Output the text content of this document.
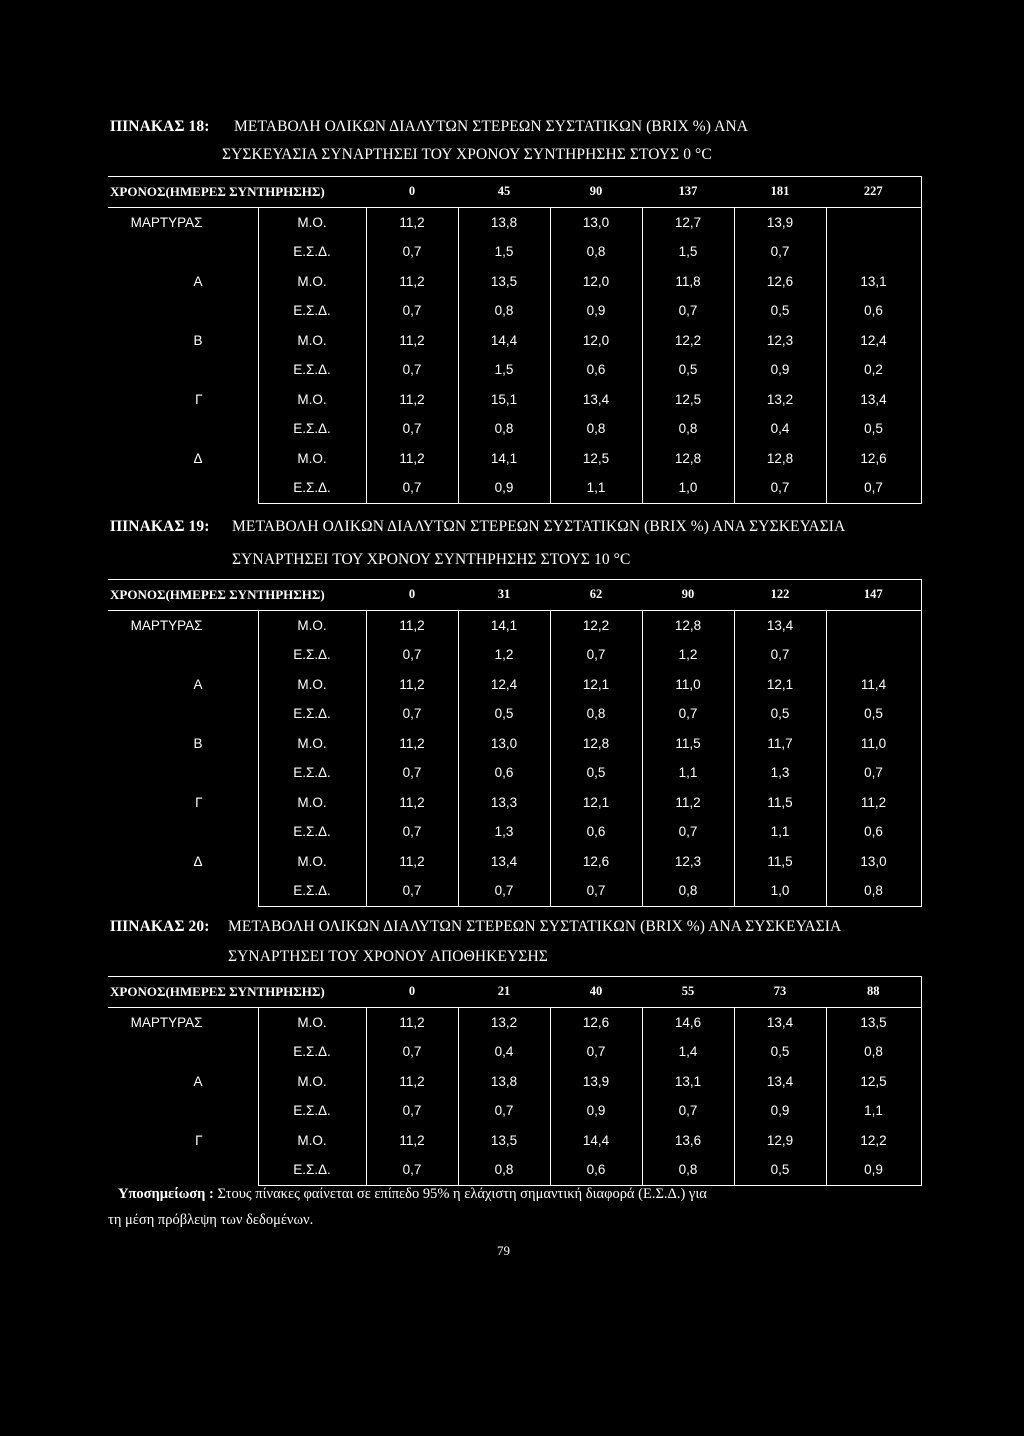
ΠΙΝΑΚΑΣ 18: ΜΕΤΑΒΟΛΗ ΟΛΙΚΩΝ ΔΙΑΛΥΤΩΝ ΣΤΕΡΕΩΝ ΣΥΣΤΑΤΙΚΩΝ (BRIX %) ΑΝΑ
ΣΥΣΚΕΥΑΣΙΑ ΣΥΝΑΡΤΗΣΕΙ ΤΟΥ ΧΡΟΝΟΥ ΣΥΝΤΗΡΗΣΗΣ ΣΤΟΥΣ 0 °C
ΧΡΟΝΟΣ(ΗΜΕΡΕΣ ΣΥΝΤΗΡΗΣΗΣ)		0	45	90	137	181	227
ΜΑΡΤΥΡΑΣ	Μ.Ο.	11,2	13,8	13,0	12,7	13,9	
	Ε.Σ.Δ.	0,7	1,5	0,8	1,5	0,7	
Α	Μ.Ο.	11,2	13,5	12,0	11,8	12,6	13,1
	Ε.Σ.Δ.	0,7	0,8	0,9	0,7	0,5	0,6
Β	Μ.Ο.	11,2	14,4	12,0	12,2	12,3	12,4
	Ε.Σ.Δ.	0,7	1,5	0,6	0,5	0,9	0,2
Γ	Μ.Ο.	11,2	15,1	13,4	12,5	13,2	13,4
	Ε.Σ.Δ.	0,7	0,8	0,8	0,8	0,4	0,5
Δ	Μ.Ο.	11,2	14,1	12,5	12,8	12,8	12,6
	Ε.Σ.Δ.	0,7	0,9	1,1	1,0	0,7	0,7
ΠΙΝΑΚΑΣ 19: ΜΕΤΑΒΟΛΗ ΟΛΙΚΩΝ ΔΙΑΛΥΤΩΝ ΣΤΕΡΕΩΝ ΣΥΣΤΑΤΙΚΩΝ (BRIX %) ΑΝΑ ΣΥΣΚΕΥΑΣΙΑ
ΣΥΝΑΡΤΗΣΕΙ ΤΟΥ ΧΡΟΝΟΥ ΣΥΝΤΗΡΗΣΗΣ ΣΤΟΥΣ 10 °C
ΧΡΟΝΟΣ(ΗΜΕΡΕΣ ΣΥΝΤΗΡΗΣΗΣ)		0	31	62	90	122	147
ΜΑΡΤΥΡΑΣ	Μ.Ο.	11,2	14,1	12,2	12,8	13,4	
	Ε.Σ.Δ.	0,7	1,2	0,7	1,2	0,7	
Α	Μ.Ο.	11,2	12,4	12,1	11,0	12,1	11,4
	Ε.Σ.Δ.	0,7	0,5	0,8	0,7	0,5	0,5
Β	Μ.Ο.	11,2	13,0	12,8	11,5	11,7	11,0
	Ε.Σ.Δ.	0,7	0,6	0,5	1,1	1,3	0,7
Γ	Μ.Ο.	11,2	13,3	12,1	11,2	11,5	11,2
	Ε.Σ.Δ.	0,7	1,3	0,6	0,7	1,1	0,6
Δ	Μ.Ο.	11,2	13,4	12,6	12,3	11,5	13,0
	Ε.Σ.Δ.	0,7	0,7	0,7	0,8	1,0	0,8
ΠΙΝΑΚΑΣ 20: ΜΕΤΑΒΟΛΗ ΟΛΙΚΩΝ ΔΙΑΛΥΤΩΝ ΣΤΕΡΕΩΝ ΣΥΣΤΑΤΙΚΩΝ (BRIX %) ΑΝΑ ΣΥΣΚΕΥΑΣΙΑ
ΣΥΝΑΡΤΗΣΕΙ ΤΟΥ ΧΡΟΝΟΥ ΑΠΟΘΗΚΕΥΣΗΣ
ΧΡΟΝΟΣ(ΗΜΕΡΕΣ ΣΥΝΤΗΡΗΣΗΣ)		0	21	40	55	73	88
ΜΑΡΤΥΡΑΣ	Μ.Ο.	11,2	13,2	12,6	14,6	13,4	13,5
	Ε.Σ.Δ.	0,7	0,4	0,7	1,4	0,5	0,8
Α	Μ.Ο.	11,2	13,8	13,9	13,1	13,4	12,5
	Ε.Σ.Δ.	0,7	0,7	0,9	0,7	0,9	1,1
Γ	Μ.Ο.	11,2	13,5	14,4	13,6	12,9	12,2
	Ε.Σ.Δ.	0,7	0,8	0,6	0,8	0,5	0,9
Υποσημείωση : Στους πίνακες φαίνεται σε επίπεδο 95% η ελάχιστη σημαντική διαφορά (Ε.Σ.Δ.) για
τη μέση πρόβλεψη των δεδομένων.
79
